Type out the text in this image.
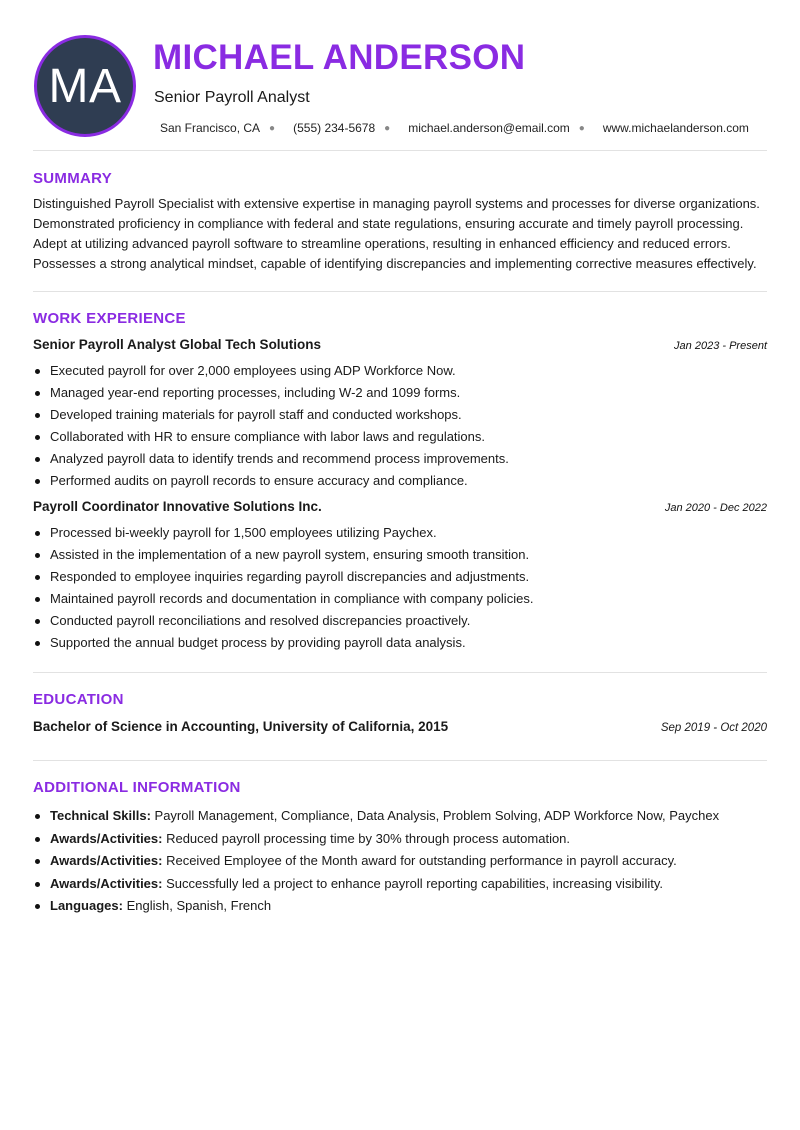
MA
MICHAEL ANDERSON
Senior Payroll Analyst
San Francisco, CA ● (555) 234-5678 ● michael.anderson@email.com ● www.michaelanderson.com
SUMMARY

Distinguished Payroll Specialist with extensive expertise in managing payroll systems and processes for diverse organizations. Demonstrated proficiency in compliance with federal and state regulations, ensuring accurate and timely payroll processing. Adept at utilizing advanced payroll software to streamline operations, resulting in enhanced efficiency and reduced errors. Possesses a strong analytical mindset, capable of identifying discrepancies and implementing corrective measures effectively.

WORK EXPERIENCE
Senior Payroll Analyst Global Tech Solutions	Jan 2023 - Present
Executed payroll for over 2,000 employees using ADP Workforce Now.
Managed year-end reporting processes, including W-2 and 1099 forms.
Developed training materials for payroll staff and conducted workshops.
Collaborated with HR to ensure compliance with labor laws and regulations.
Analyzed payroll data to identify trends and recommend process improvements.
Performed audits on payroll records to ensure accuracy and compliance.
Payroll Coordinator Innovative Solutions Inc.	Jan 2020 - Dec 2022
Processed bi-weekly payroll for 1,500 employees utilizing Paychex.
Assisted in the implementation of a new payroll system, ensuring smooth transition.
Responded to employee inquiries regarding payroll discrepancies and adjustments.
Maintained payroll records and documentation in compliance with company policies.
Conducted payroll reconciliations and resolved discrepancies proactively.
Supported the annual budget process by providing payroll data analysis.
EDUCATION
Bachelor of Science in Accounting, University of California, 2015	Sep 2019 - Oct 2020
ADDITIONAL INFORMATION
Technical Skills: Payroll Management, Compliance, Data Analysis, Problem Solving, ADP Workforce Now, Paychex
Awards/Activities: Reduced payroll processing time by 30% through process automation.
Awards/Activities: Received Employee of the Month award for outstanding performance in payroll accuracy.
Awards/Activities: Successfully led a project to enhance payroll reporting capabilities, increasing visibility.
Languages: English, Spanish, French
